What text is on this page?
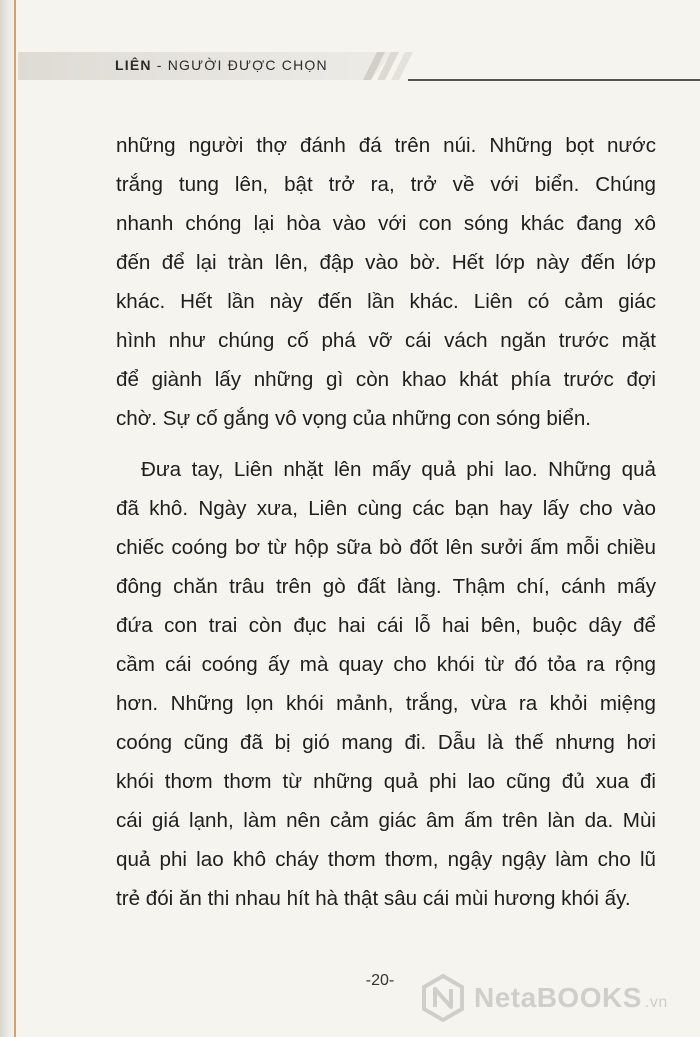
LIÊN - NGƯỜI ĐƯỢC CHỌN

những người thợ đánh đá trên núi. Những bọt nước
trắng tung lên, bật trở ra, trở về với biển. Chúng
nhanh chóng lại hòa vào với con sóng khác đang xô
đến để lại tràn lên, đập vào bờ. Hết lớp này đến lớp
khác. Hết lần này đến lần khác. Liên có cảm giác
hình như chúng cố phá vỡ cái vách ngăn trước mặt
để giành lấy những gì còn khao khát phía trước đợi
chờ. Sự cố gắng vô vọng của những con sóng biển.

Đưa tay, Liên nhặt lên mấy quả phi lao. Những quả
đã khô. Ngày xưa, Liên cùng các bạn hay lấy cho vào
chiếc coóng bơ từ hộp sữa bò đốt lên sưởi ấm mỗi chiều
đông chăn trâu trên gò đất làng. Thậm chí, cánh mấy
đứa con trai còn đục hai cái lỗ hai bên, buộc dây để
cầm cái coóng ấy mà quay cho khói từ đó tỏa ra rộng
hơn. Những lọn khói mảnh, trắng, vừa ra khỏi miệng
coóng cũng đã bị gió mang đi. Dẫu là thế nhưng hơi
khói thơm thơm từ những quả phi lao cũng đủ xua đi
cái giá lạnh, làm nên cảm giác âm ấm trên làn da. Mùi
quả phi lao khô cháy thơm thơm, ngậy ngậy làm cho lũ
trẻ đói ăn thi nhau hít hà thật sâu cái mùi hương khói ấy.

-20-
NetaBOOKS .vn
